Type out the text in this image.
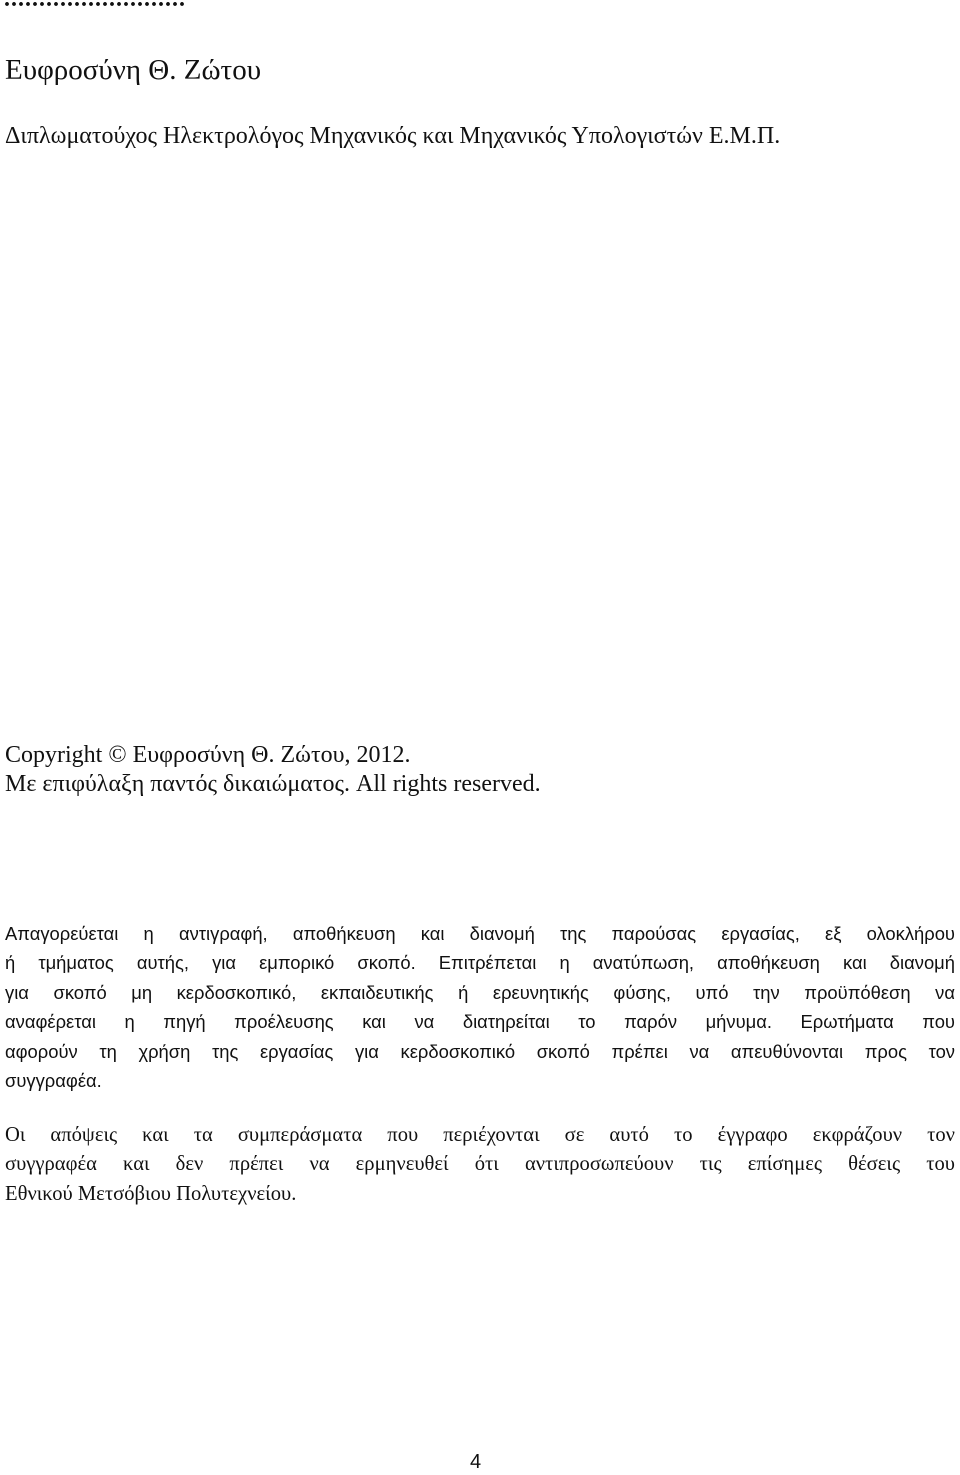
Ευφροσύνη Θ. Ζώτου
Διπλωματούχος Ηλεκτρολόγος Μηχανικός και Μηχανικός Υπολογιστών Ε.Μ.Π.
Copyright © Ευφροσύνη Θ. Ζώτου, 2012.
Με επιφύλαξη παντός δικαιώματος. All rights reserved.
Απαγορεύεται η αντιγραφή, αποθήκευση και διανομή της παρούσας εργασίας, εξ ολοκλήρου
ή τμήματος αυτής, για εμπορικό σκοπό. Επιτρέπεται η ανατύπωση, αποθήκευση και διανομή
για σκοπό μη κερδοσκοπικό, εκπαιδευτικής ή ερευνητικής φύσης, υπό την προϋπόθεση να
αναφέρεται η πηγή προέλευσης και να διατηρείται το παρόν μήνυμα. Ερωτήματα που
αφορούν τη χρήση της εργασίας για κερδοσκοπικό σκοπό πρέπει να απευθύνονται προς τον
συγγραφέα.
Οι απόψεις και τα συμπεράσματα που περιέχονται σε αυτό το έγγραφο εκφράζουν τον
συγγραφέα και δεν πρέπει να ερμηνευθεί ότι αντιπροσωπεύουν τις επίσημες θέσεις του
Εθνικού Μετσόβιου Πολυτεχνείου.
4
